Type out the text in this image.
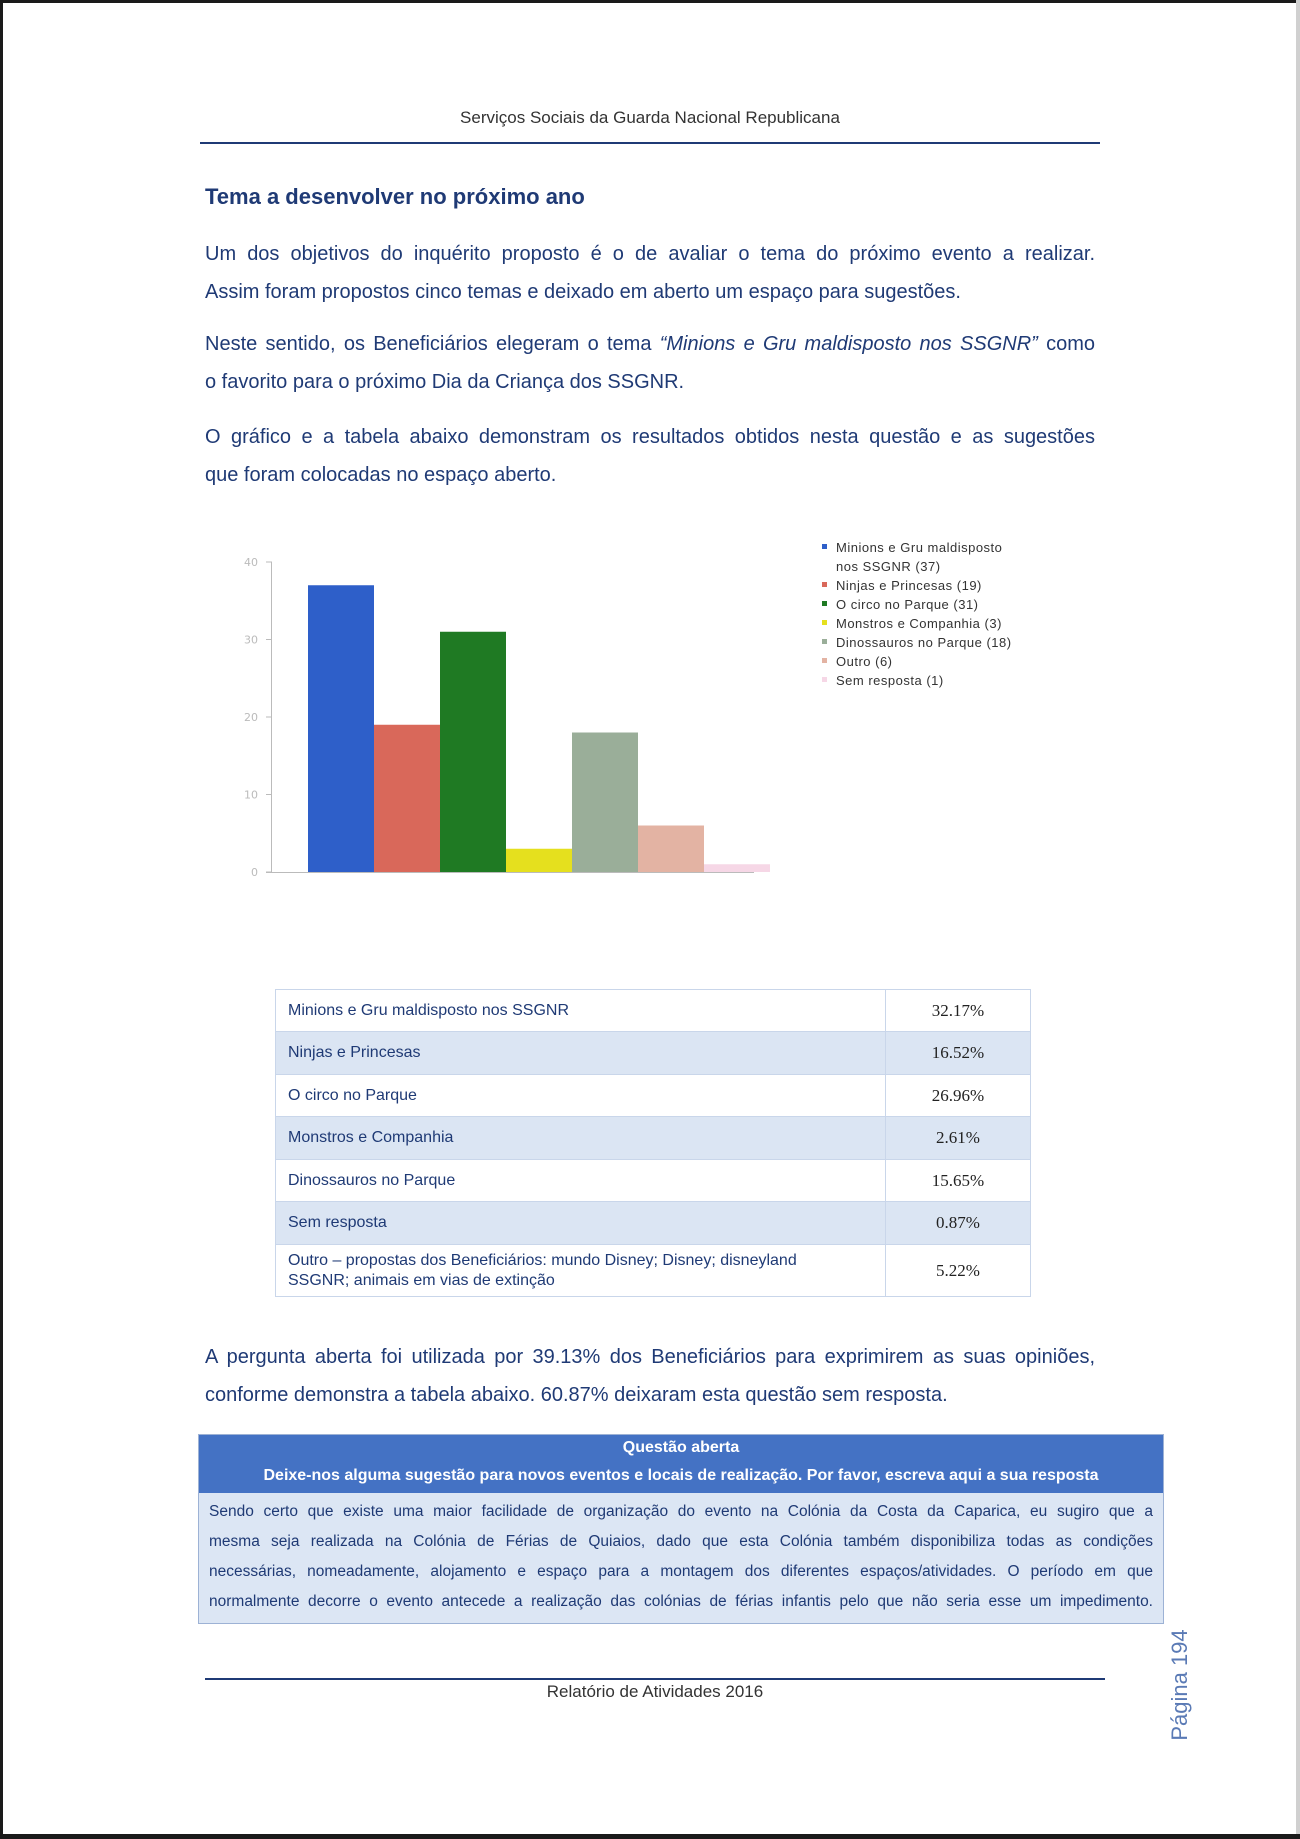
Serviços Sociais da Guarda Nacional Republicana
Tema a desenvolver no próximo ano
Um dos objetivos do inquérito proposto é o de avaliar o tema do próximo evento a realizar.
Assim foram propostos cinco temas e deixado em aberto um espaço para sugestões.
Neste sentido, os Beneficiários elegeram o tema “Minions e Gru maldisposto nos SSGNR” como
o favorito para o próximo Dia da Criança dos SSGNR.
O gráfico e a tabela abaixo demonstram os resultados obtidos nesta questão e as sugestões
que foram colocadas no espaço aberto.
0
10
20
30
40
Minions e Gru maldisposto
nos SSGNR (37)
Ninjas e Princesas (19)
O circo no Parque (31)
Monstros e Companhia (3)
Dinossauros no Parque (18)
Outro (6)
Sem resposta (1)
Minions e Gru maldisposto nos SSGNR	32.17%
Ninjas e Princesas	16.52%
O circo no Parque	26.96%
Monstros e Companhia	2.61%
Dinossauros no Parque	15.65%
Sem resposta	0.87%

Outro – propostas dos Beneficiários: mundo Disney; Disney; disneyland
SSGNR; animais em vias de extinção	5.22%
A pergunta aberta foi utilizada por 39.13% dos Beneficiários para exprimirem as suas opiniões,
conforme demonstra a tabela abaixo. 60.87% deixaram esta questão sem resposta.
Questão aberta
Deixe-nos alguma sugestão para novos eventos e locais de realização. Por favor, escreva aqui a sua resposta
Sendo certo que existe uma maior facilidade de organização do evento na Colónia da Costa da Caparica, eu sugiro que a
mesma seja realizada na Colónia de Férias de Quiaios, dado que esta Colónia também disponibiliza todas as condições
necessárias, nomeadamente, alojamento e espaço para a montagem dos diferentes espaços/atividades. O período em que
normalmente decorre o evento antecede a realização das colónias de férias infantis pelo que não seria esse um impedimento.
Página 194
Relatório de Atividades 2016
